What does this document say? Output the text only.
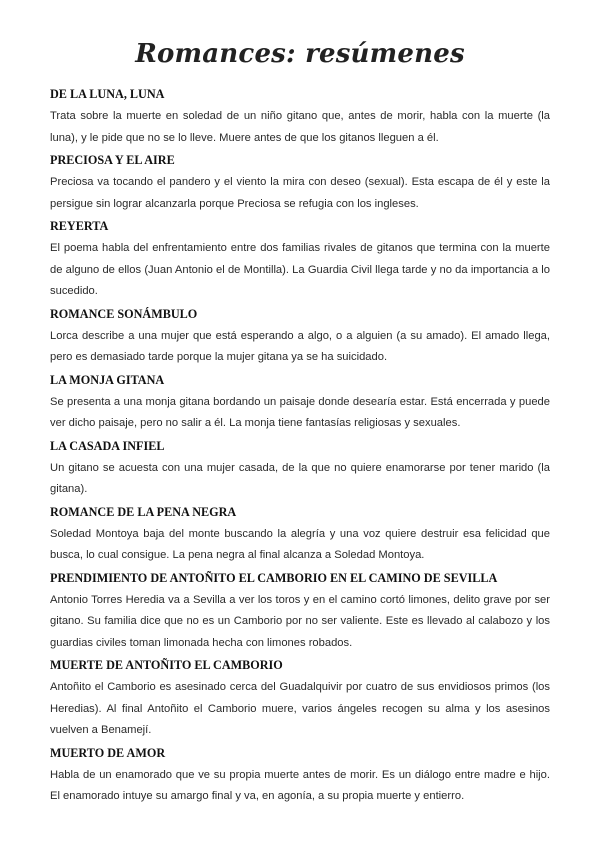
Romances: resúmenes
DE LA LUNA, LUNA

Trata sobre la muerte en soledad de un niño gitano que, antes de morir, habla con la muerte (la luna), y le pide que no se lo lleve. Muere antes de que los gitanos lleguen a él.

PRECIOSA Y EL AIRE

Preciosa va tocando el pandero y el viento la mira con deseo (sexual). Esta escapa de él y este la persigue sin lograr alcanzarla porque Preciosa se refugia con los ingleses.

REYERTA

El poema habla del enfrentamiento entre dos familias rivales de gitanos que termina con la muerte de alguno de ellos (Juan Antonio el de Montilla). La Guardia Civil llega tarde y no da importancia a lo sucedido.

ROMANCE SONÁMBULO

Lorca describe a una mujer que está esperando a algo, o a alguien (a su amado). El amado llega, pero es demasiado tarde porque la mujer gitana ya se ha suicidado.

LA MONJA GITANA

Se presenta a una monja gitana bordando un paisaje donde desearía estar. Está encerrada y puede ver dicho paisaje, pero no salir a él. La monja tiene fantasías religiosas y sexuales.

LA CASADA INFIEL

Un gitano se acuesta con una mujer casada, de la que no quiere enamorarse por tener marido (la gitana).

ROMANCE DE LA PENA NEGRA

Soledad Montoya baja del monte buscando la alegría y una voz quiere destruir esa felicidad que busca, lo cual consigue. La pena negra al final alcanza a Soledad Montoya.

PRENDIMIENTO DE ANTOÑITO EL CAMBORIO EN EL CAMINO DE SEVILLA

Antonio Torres Heredia va a Sevilla a ver los toros y en el camino cortó limones, delito grave por ser gitano. Su familia dice que no es un Camborio por no ser valiente. Este es llevado al calabozo y los guardias civiles toman limonada hecha con limones robados.

MUERTE DE ANTOÑITO EL CAMBORIO

Antoñito el Camborio es asesinado cerca del Guadalquivir por cuatro de sus envidiosos primos (los Heredias). Al final Antoñito el Camborio muere, varios ángeles recogen su alma y los asesinos vuelven a Benamejí.

MUERTO DE AMOR

Habla de un enamorado que ve su propia muerte antes de morir. Es un diálogo entre madre e hijo. El enamorado intuye su amargo final y va, en agonía, a su propia muerte y entierro.
